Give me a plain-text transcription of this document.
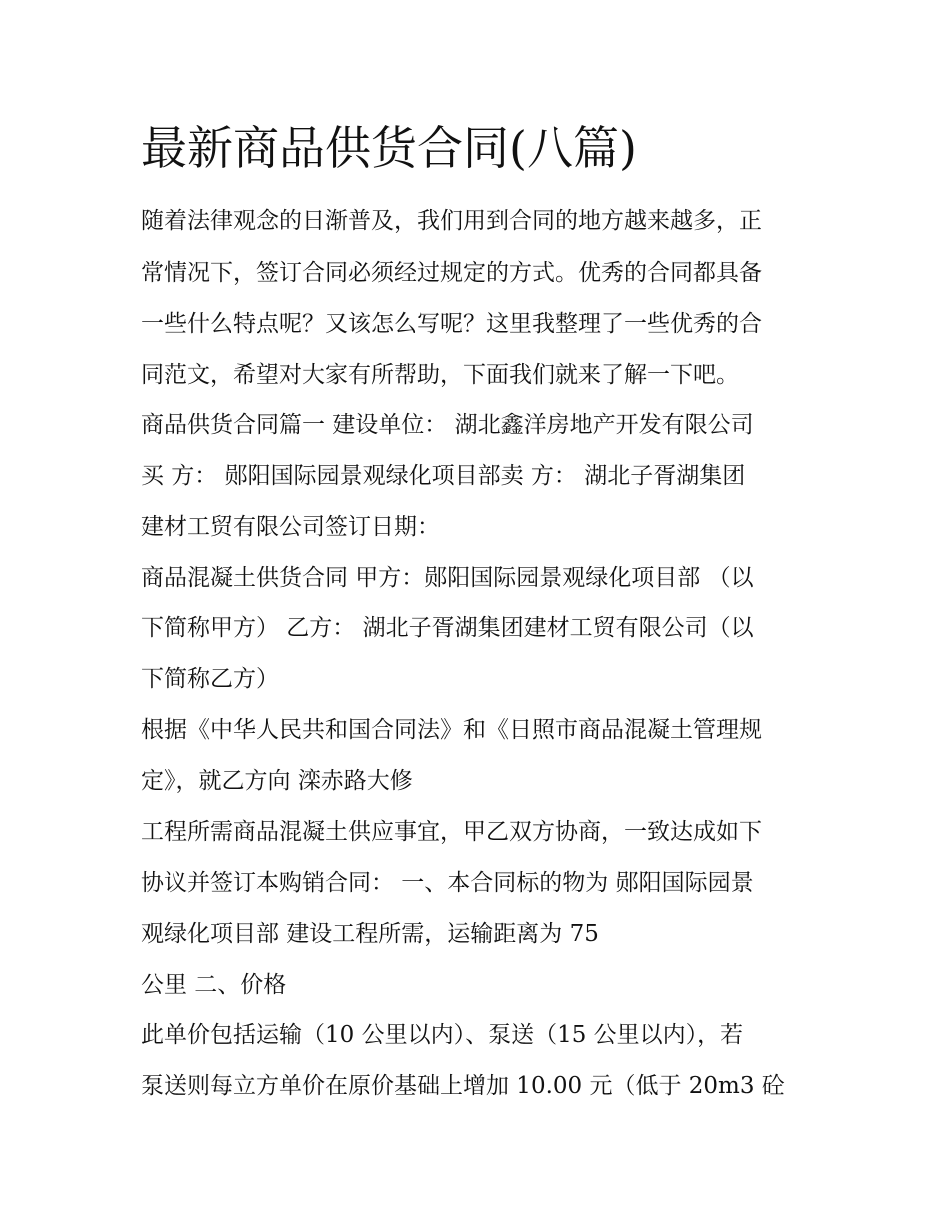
最新商品供货合同(八篇)

随着法律观念的日渐普及，我们用到合同的地方越来越多，正

常情况下，签订合同必须经过规定的方式。优秀的合同都具备

一些什么特点呢？又该怎么写呢？这里我整理了一些优秀的合

同范文，希望对大家有所帮助，下面我们就来了解一下吧。

商品供货合同篇一 建设单位： 湖北鑫洋房地产开发有限公司

买 方： 郧阳国际园景观绿化项目部卖 方： 湖北子胥湖集团

建材工贸有限公司签订日期：

商品混凝土供货合同 甲方：郧阳国际园景观绿化项目部 （以

下简称甲方） 乙方： 湖北子胥湖集团建材工贸有限公司（以

下简称乙方）

根据《中华人民共和国合同法》和《日照市商品混凝土管理规

定》，就乙方向 滦赤路大修

工程所需商品混凝土供应事宜，甲乙双方协商，一致达成如下

协议并签订本购销合同： 一、本合同标的物为 郧阳国际园景

观绿化项目部 建设工程所需，运输距离为 75

公里 二、价格

此单价包括运输（10 公里以内）、泵送（15 公里以内），若

泵送则每立方单价在原价基础上增加 10.00 元（低于 20m3 砼
